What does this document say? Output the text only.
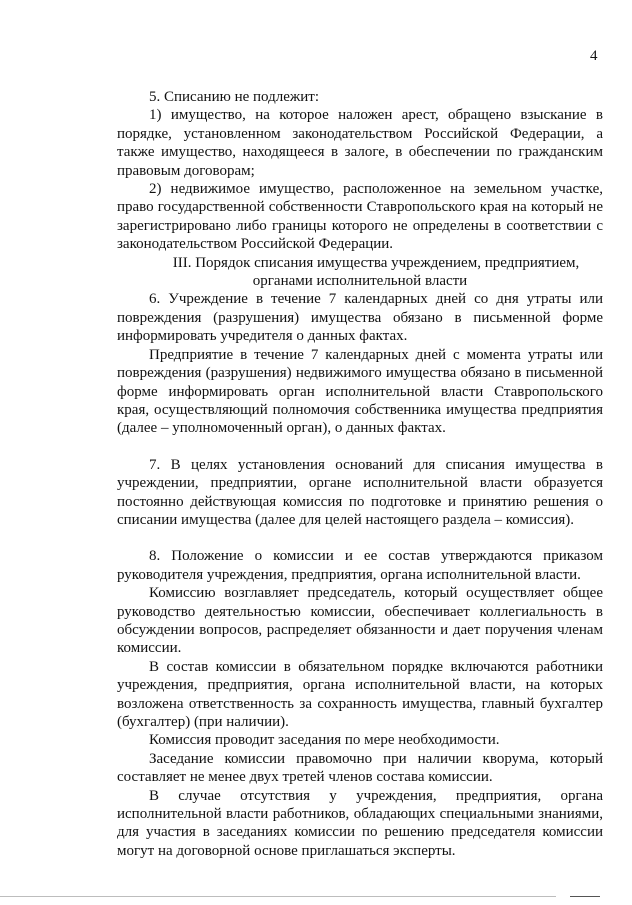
4

5. Списанию не подлежит:

1) имущество, на которое наложен арест, обращено взыскание в порядке, установленном законодательством Российской Федерации, а также имущество, находящееся в залоге, в обеспечении по гражданским правовым договорам;

2) недвижимое имущество, расположенное на земельном участке, право государственной собственности Ставропольского края на который не зарегистрировано либо границы которого не определены в соответствии с законодательством Российской Федерации.

III. Порядок списания имущества учреждением, предприятием, органами исполнительной власти

6. Учреждение в течение 7 календарных дней со дня утраты или повреждения (разрушения) имущества обязано в письменной форме информировать учредителя о данных фактах.

Предприятие в течение 7 календарных дней с момента утраты или повреждения (разрушения) недвижимого имущества обязано в письменной форме информировать орган исполнительной власти Ставропольского края, осуществляющий полномочия собственника имущества предприятия (далее – уполномоченный орган), о данных фактах.

7. В целях установления оснований для списания имущества в учреждении, предприятии, органе исполнительной власти образуется постоянно действующая комиссия по подготовке и принятию решения о списании имущества (далее для целей настоящего раздела – комиссия).

8. Положение о комиссии и ее состав утверждаются приказом руководителя учреждения, предприятия, органа исполнительной власти.

Комиссию возглавляет председатель, который осуществляет общее руководство деятельностью комиссии, обеспечивает коллегиальность в обсуждении вопросов, распределяет обязанности и дает поручения членам комиссии.

В состав комиссии в обязательном порядке включаются работники учреждения, предприятия, органа исполнительной власти, на которых возложена ответственность за сохранность имущества, главный бухгалтер (бухгалтер) (при наличии).

Комиссия проводит заседания по мере необходимости.

Заседание комиссии правомочно при наличии кворума, который составляет не менее двух третей членов состава комиссии.

В случае отсутствия у учреждения, предприятия, органа исполнительной власти работников, обладающих специальными знаниями, для участия в заседаниях комиссии по решению председателя комиссии могут на договорной основе приглашаться эксперты.
